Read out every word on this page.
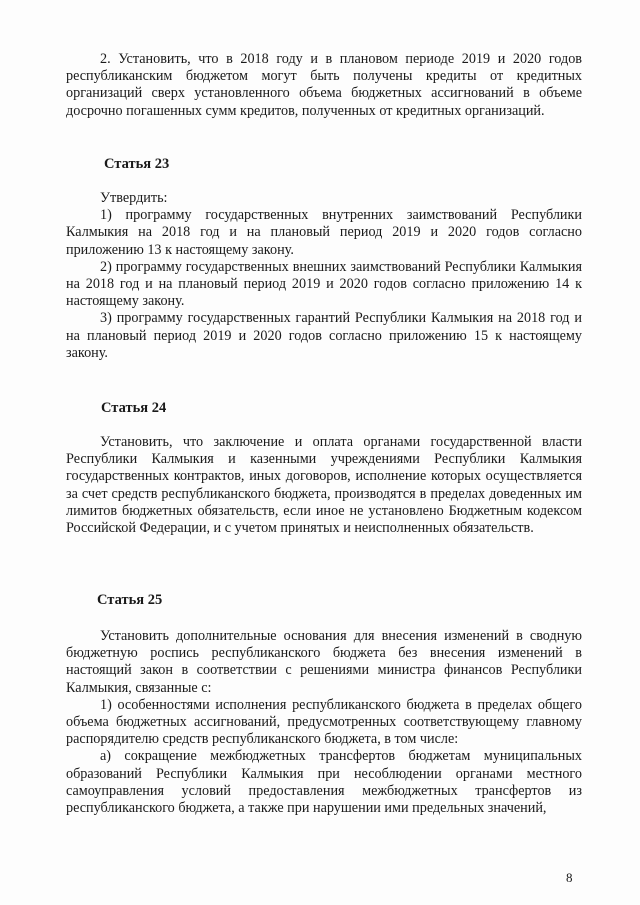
2. Установить, что в 2018 году и в плановом периоде 2019 и 2020 годов республиканским бюджетом могут быть получены кредиты от кредитных организаций сверх установленного объема бюджетных ассигнований в объеме досрочно погашенных сумм кредитов, полученных от кредитных организаций.

Статья 23

Утвердить:

1) программу государственных внутренних заимствований Республики Калмыкия на 2018 год и на плановый период 2019 и 2020 годов согласно приложению 13 к настоящему закону.

2) программу государственных внешних заимствований Республики Калмыкия на 2018 год и на плановый период 2019 и 2020 годов согласно приложению 14 к настоящему закону.

3) программу государственных гарантий Республики Калмыкия на 2018 год и на плановый период 2019 и 2020 годов согласно приложению 15 к настоящему закону.

Статья 24

Установить, что заключение и оплата органами государственной власти Республики Калмыкия и казенными учреждениями Республики Калмыкия государственных контрактов, иных договоров, исполнение которых осуществляется за счет средств республиканского бюджета, производятся в пределах доведенных им лимитов бюджетных обязательств, если иное не установлено Бюджетным кодексом Российской Федерации, и с учетом принятых и неисполненных обязательств.

Статья 25

Установить дополнительные основания для внесения изменений в сводную бюджетную роспись республиканского бюджета без внесения изменений в настоящий закон в соответствии с решениями министра финансов Республики Калмыкия, связанные с:

1) особенностями исполнения республиканского бюджета в пределах общего объема бюджетных ассигнований, предусмотренных соответствующему главному распорядителю средств республиканского бюджета, в том числе:

а) сокращение межбюджетных трансфертов бюджетам муниципальных образований Республики Калмыкия при несоблюдении органами местного самоуправления условий предоставления межбюджетных трансфертов из республиканского бюджета, а также при нарушении ими предельных значений,

8
